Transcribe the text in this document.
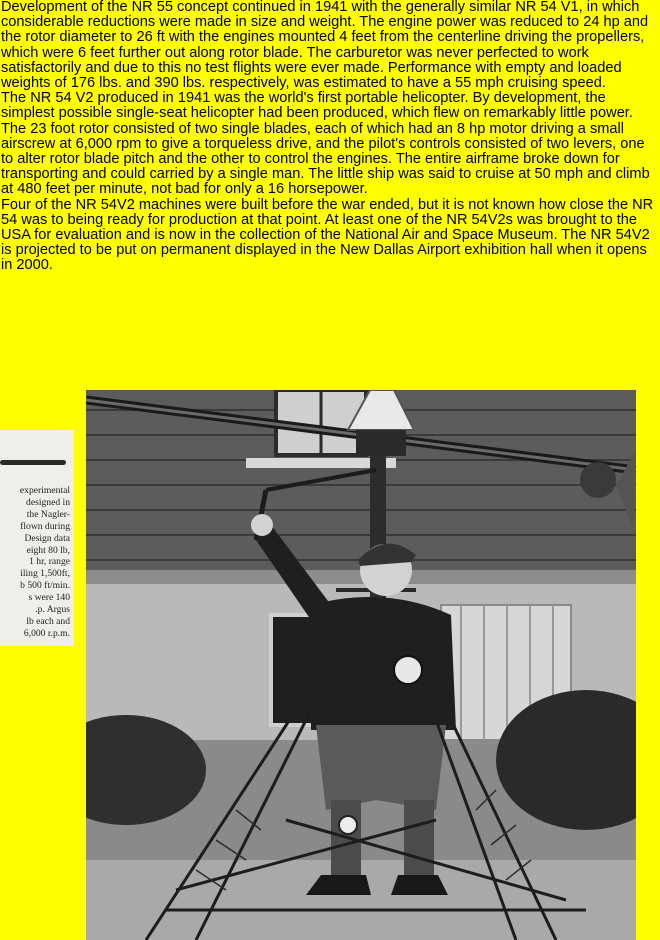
Development of the NR 55 concept continued in 1941 with the generally similar NR 54 V1, in which considerable reductions were made in size and weight. The engine power was reduced to 24 hp and the rotor diameter to 26 ft with the engines mounted 4 feet from the centerline driving the propellers, which were 6 feet further out along rotor blade. The carburetor was never perfected to work satisfactorily and due to this no test flights were ever made. Performance with empty and loaded weights of 176 lbs. and 390 lbs. respectively, was estimated to have a 55 mph cruising speed.

The NR 54 V2 produced in 1941 was the world's first portable helicopter. By development, the simplest possible single-seat helicopter had been produced, which flew on remarkably little power. The 23 foot rotor consisted of two single blades, each of which had an 8 hp motor driving a small airscrew at 6,000 rpm to give a torqueless drive, and the pilot's controls consisted of two levers, one to alter rotor blade pitch and the other to control the engines. The entire airframe broke down for transporting and could carried by a single man. The little ship was said to cruise at 50 mph and climb at 480 feet per minute, not bad for only a 16 horsepower.

Four of the NR 54V2 machines were built before the war ended, but it is not known how close the NR 54 was to being ready for production at that point. At least one of the NR 54V2s was brought to the USA for evaluation and is now in the collection of the National Air and Space Museum. The NR 54V2 is projected to be put on permanent displayed in the New Dallas Airport exhibition hall when it opens in 2000.

experimental
designed in
the Nagler-
flown during
Design data
eight 80 lb,
1 hr, range
iling 1,500ft,
b 500 ft/min.
s were 140
.p. Argus
lb each and
6,000 r.p.m.
